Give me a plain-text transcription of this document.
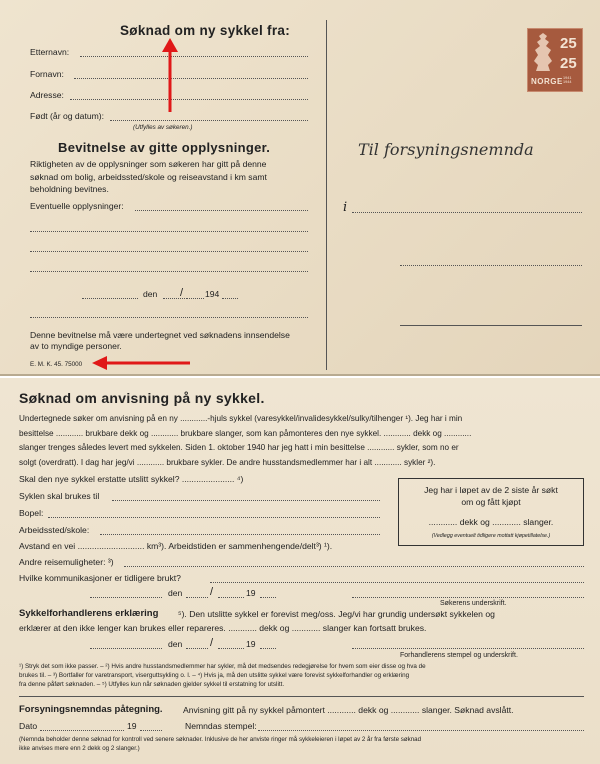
Søknad om ny sykkel fra:
Etternavn:
Fornavn:
Adresse:
Født (år og datum):
(Utfylles av søkeren.)
Bevitnelse av gitte opplysninger.
Riktigheten av de opplysninger som søkeren har gitt på denne
søknad om bolig, arbeidssted/skole og reiseavstand i km samt
beholdning bevitnes.
Eventuelle opplysninger:
den /	194
Denne bevitnelse må være undertegnet ved søknadens innsendelse
av to myndige personer.
E. M. K. 45. 75000
25
25
NORGE 1941
1944
Til forsyningsnemnda
i
Søknad om anvisning på ny sykkel.
Undertegnede søker om anvisning på en ny ............-hjuls sykkel (varesykkel/invalidesykkel/sulky/tilhenger ¹). Jeg har i min
besittelse ............ brukbare dekk og ............ brukbare slanger, som kan påmonteres den nye sykkel. ............ dekk og ............
slanger trenges således levert med sykkelen. Siden 1. oktober 1940 har jeg hatt i min besittelse ............ sykler, som no er
solgt (overdratt). I dag har jeg/vi ............ brukbare sykler. De andre husstandsmedlemmer har i alt ............ sykler ²).
Skal den nye sykkel erstatte utslitt sykkel? ...................... ⁴)
Syklen skal brukes til
Bopel:
Arbeidssted/skole:
Avstand en vei ............................ km³). Arbeidstiden er sammenhengende/delt³) ¹).
Andre reisemuligheter: ³)
Hvilke kommunikasjoner er tidligere brukt?
den	/	19
Søkerens underskrift.
Jeg har i løpet av de 2 siste år søkt
om og fått kjøpt
............ dekk og ............ slanger.
(Vedlegg eventuelt tidligere mottatt kjøpetillatelse.)
Sykkelforhandlerens erklæring ⁵). Den utslitte sykkel er forevist meg/oss. Jeg/vi har grundig undersøkt sykkelen og
erklærer at den ikke lenger kan brukes eller repareres. ............ dekk og ............ slanger kan fortsatt brukes.
den	/	19
Forhandlerens stempel og underskrift.
¹) Stryk det som ikke passer. – ²) Hvis andre husstandsmedlemmer har sykler, må det medsendes redegjørelse for hvem som eier disse og hva de
brukes til. – ³) Bortfaller for varetransport, viserguttsykling o. l. – ⁴) Hvis ja, må den utslitte sykkel være forevist sykkelforhandler og erklæring
fra denne påført søknaden. – ⁵) Utfylles kun når søknaden gjelder sykkel til erstatning for utslitt.
Forsyningsnemndas påtegning. Anvisning gitt på ny sykkel påmontert ............ dekk og ............ slanger. Søknad avslått.
Dato	19	Nemndas stempel:
(Nemnda beholder denne søknad for kontroll ved senere søknader. Inklusive de her anviste ringer må sykkeleieren i løpet av 2 år fra første søknad
ikke anvises mere enn 2 dekk og 2 slanger.)
